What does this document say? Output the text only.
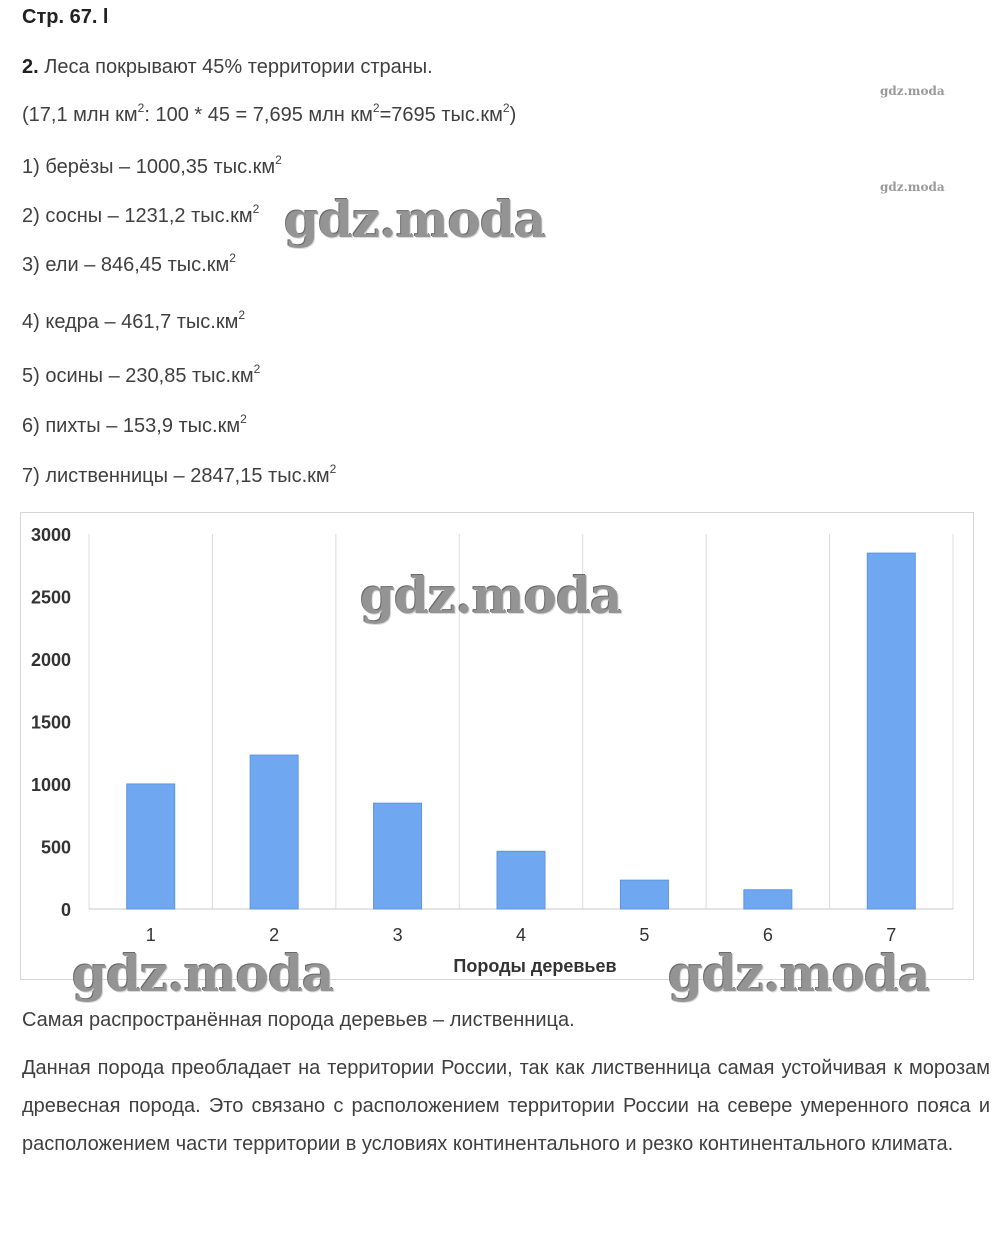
Стр. 67. l
2. Леса покрывают 45% территории страны.
(17,1 млн $км^2$: 100 * 45 = 7,695 млн $км^2=7695$ $тыс.км^2$)
1) берёзы – 1000,35 $тыс.км^2$
2) сосны – 1231,2 $тыс.км^2$
3) ели – 846,45 $тыс.км^2$
4) кедра – 461,7 $тыс.км^2$
5) осины – 230,85 $тыс.км^2$
6) пихты – 153,9 $тыс.км^2$
7) лиственницы – 2847,15 $тыс.км^2$
gdz.moda
gdz.moda
0
500
1000
1500
2000
2500
3000
1	2	3	4	5	6	7
Породы деревьев
gdz.moda
gdz.moda
gdz.moda	gdz.moda
Самая распространённая порода деревьев – лиственница.
Данная порода преобладает на территории России, так как лиственница самая устойчивая к морозам древесная порода. Это связано с расположением территории России на севере умеренного пояса и расположением части территории в условиях континентального и резко континентального климата.
